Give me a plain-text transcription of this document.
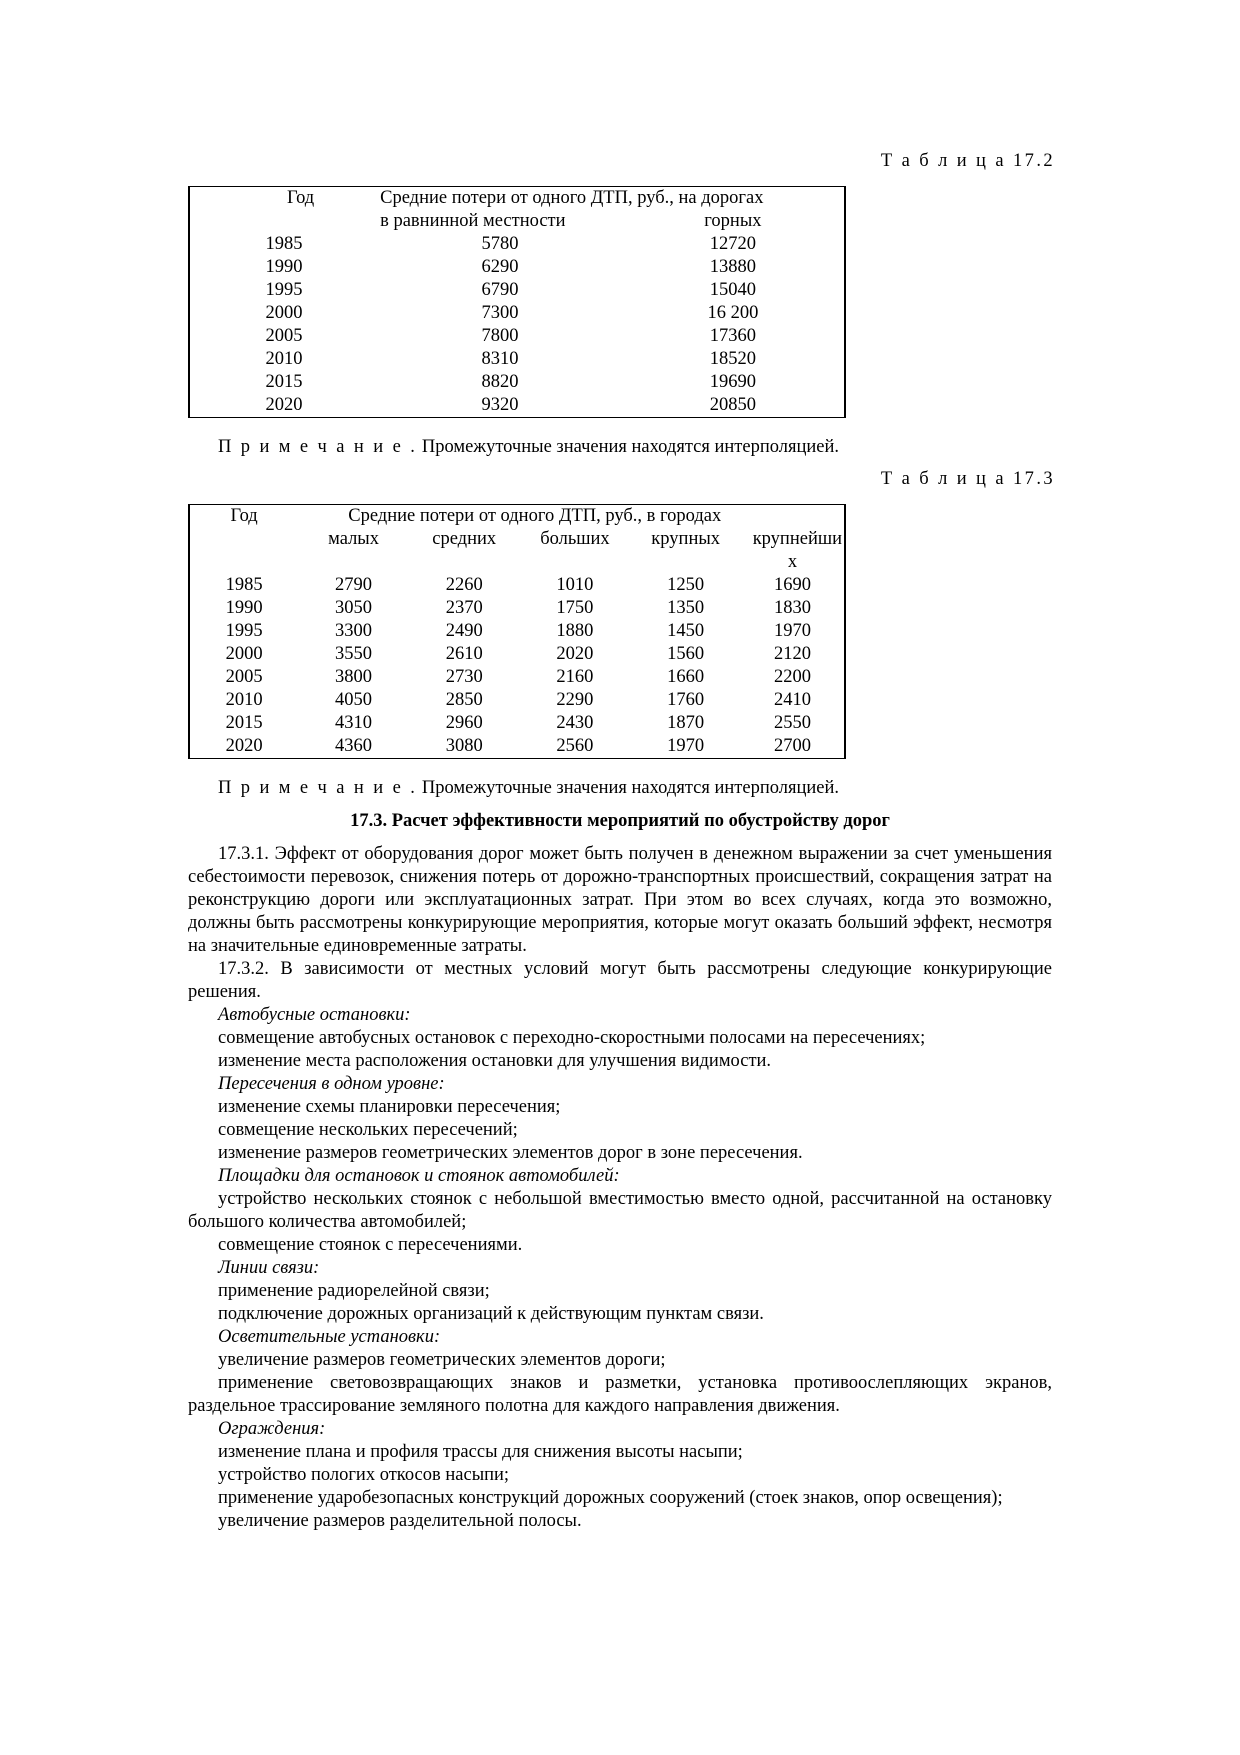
Т а б л и ц а 17.2
Год	Средние потери от одного ДТП, руб., на дорогах	
	в равнинной местности	горных
1985	5780	12720
1990	6290	13880
1995	6790	15040
2000	7300	16 200
2005	7800	17360
2010	8310	18520
2015	8820	19690
2020	9320	20850
П р и м е ч а н и е . Промежуточные значения находятся интерполяцией.
Т а б л и ц а 17.3
Год	Средние потери от одного ДТП, руб., в городах				
	малых	средних	больших	крупных	крупнейши
					х
1985	2790	2260	1010	1250	1690
1990	3050	2370	1750	1350	1830
1995	3300	2490	1880	1450	1970
2000	3550	2610	2020	1560	2120
2005	3800	2730	2160	1660	2200
2010	4050	2850	2290	1760	2410
2015	4310	2960	2430	1870	2550
2020	4360	3080	2560	1970	2700
П р и м е ч а н и е . Промежуточные значения находятся интерполяцией.
17.3. Расчет эффективности мероприятий по обустройству дорог

17.3.1. Эффект от оборудования дорог может быть получен в денежном выражении за счет уменьшения себестоимости перевозок, снижения потерь от дорожно-транспортных происшествий, сокращения затрат на реконструкцию дороги или эксплуатационных затрат. При этом во всех случаях, когда это возможно, должны быть рассмотрены конкурирующие мероприятия, которые могут оказать больший эффект, несмотря на значительные единовременные затраты.

17.3.2. В зависимости от местных условий могут быть рассмотрены следующие конкурирующие решения.

Автобусные остановки:

совмещение автобусных остановок с переходно-скоростными полосами на пересечениях;

изменение места расположения остановки для улучшения видимости.

Пересечения в одном уровне:

изменение схемы планировки пересечения;

совмещение нескольких пересечений;

изменение размеров геометрических элементов дорог в зоне пересечения.

Площадки для остановок и стоянок автомобилей:

устройство нескольких стоянок с небольшой вместимостью вместо одной, рассчитанной на остановку большого количества автомобилей;

совмещение стоянок с пересечениями.

Линии связи:

применение радиорелейной связи;

подключение дорожных организаций к действующим пунктам связи.

Осветительные установки:

увеличение размеров геометрических элементов дороги;

применение световозвращающих знаков и разметки, установка противоослепляющих экранов, раздельное трассирование земляного полотна для каждого направления движения.

Ограждения:

изменение плана и профиля трассы для снижения высоты насыпи;

устройство пологих откосов насыпи;

применение ударобезопасных конструкций дорожных сооружений (стоек знаков, опор освещения);

увеличение размеров разделительной полосы.
